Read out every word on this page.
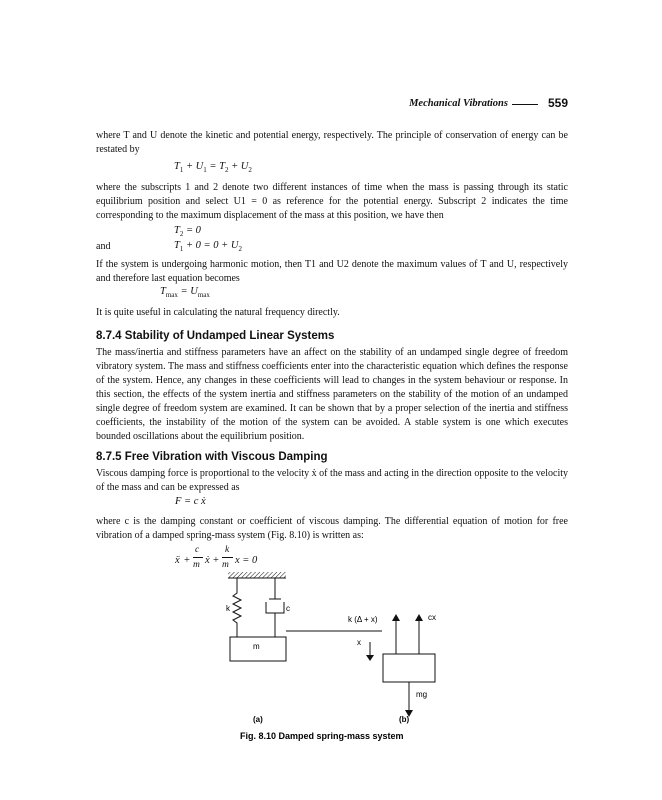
Mechanical Vibrations	559
where T and U denote the kinetic and potential energy, respectively. The principle of conservation of energy can be restated by
$T_1 + U_1 = T_2 + U_2$
where the subscripts 1 and 2 denote two different instances of time when the mass is passing through its static equilibrium position and select U1 = 0 as reference for the potential energy. Subscript 2 indicates the time corresponding to the maximum displacement of the mass at this position, we have then
$T_2 = 0$
and	$T_1 + 0 = 0 + U_2$
If the system is undergoing harmonic motion, then T1 and U2 denote the maximum values of T and U, respectively and therefore last equation becomes
$T_{max} = U_{max}$
It is quite useful in calculating the natural frequency directly.
8.7.4 Stability of Undamped Linear Systems
The mass/inertia and stiffness parameters have an affect on the stability of an undamped single degree of freedom vibratory system. The mass and stiffness coefficients enter into the characteristic equation which defines the response of the system. Hence, any changes in these coefficients will lead to changes in the system behaviour or response. In this section, the effects of the system inertia and stiffness parameters on the stability of the motion of an undamped single degree of freedom system are examined. It can be shown that by a proper selection of the inertia and stiffness coefficients, the instability of the motion of the system can be avoided. A stable system is one which executes bounded oscillations about the equilibrium position.
8.7.5 Free Vibration with Viscous Damping
Viscous damping force is proportional to the velocity ẋ of the mass and acting in the direction opposite to the velocity of the mass and can be expressed as
F = c ẋ
where c is the damping constant or coefficient of viscous damping. The differential equation of motion for free vibration of a damped spring-mass system (Fig. 8.10) is written as:
ẍ +
c
m ẋ +
k
m x = 0
k	c
m	x
k (Δ + x)	cx
mg
(a)	(b)
Fig. 8.10 Damped spring-mass system
